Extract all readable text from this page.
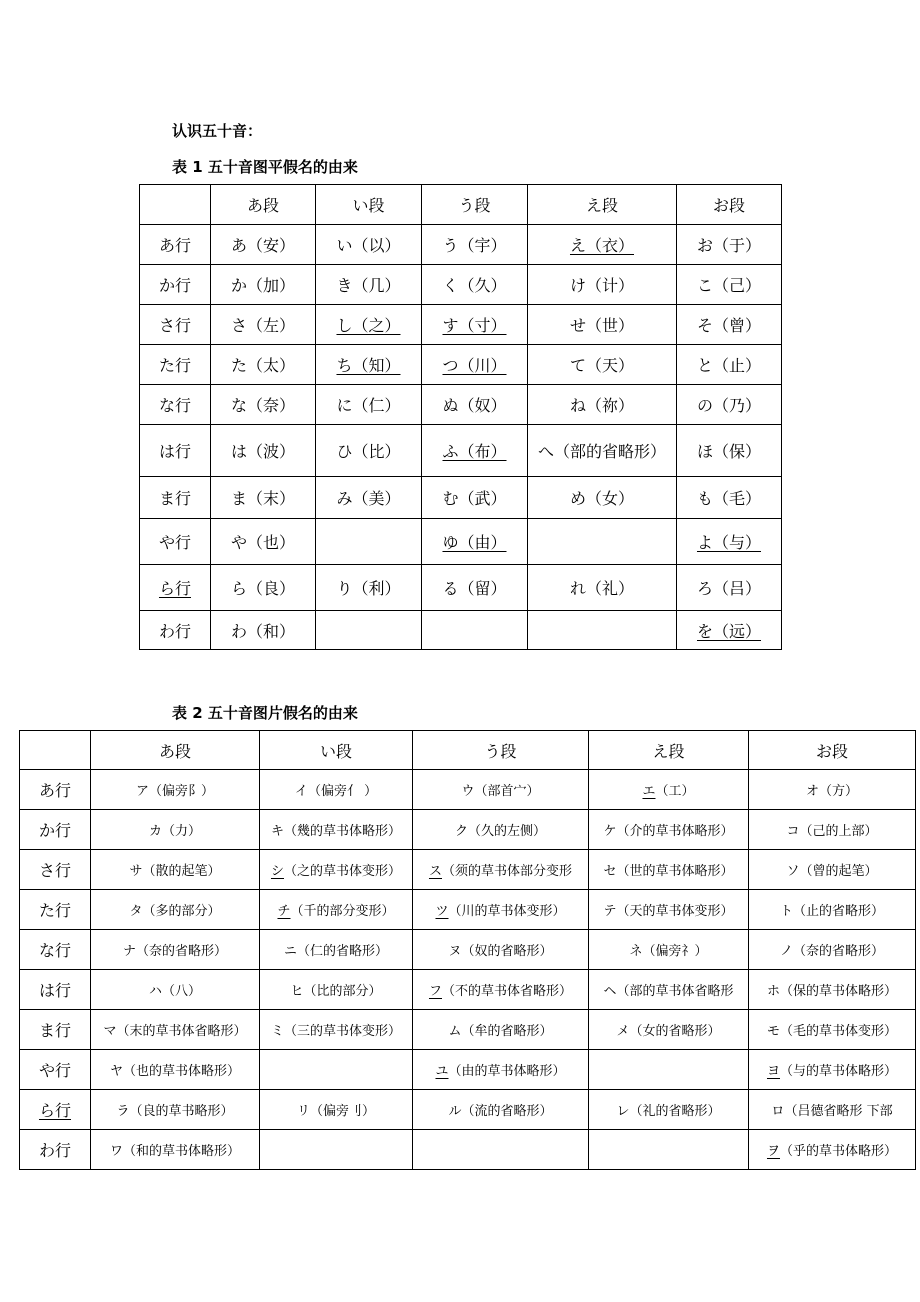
认识五十音：
表 1 五十音图平假名的由来
	あ段	い段	う段	え段	お段
あ行	あ（安）	い（以）	う（宇）	え（衣）	お（于）
か行	か（加）	き（几）	く（久）	け（计）	こ（己）
さ行	さ（左）	し（之）	す（寸）	せ（世）	そ（曾）
た行	た（太）	ち（知）	つ（川）	て（天）	と（止）
な行	な（奈）	に（仁）	ぬ（奴）	ね（祢）	の（乃）
は行	は（波）	ひ（比）	ふ（布）	へ（部的省略形）	ほ（保）
ま行	ま（末）	み（美）	む（武）	め（女）	も（毛）
や行	や（也）		ゆ（由）		よ（与）
ら行	ら（良）	り（利）	る（留）	れ（礼）	ろ（吕）
わ行	わ（和）				を（远）
表 2 五十音图片假名的由来
	あ段	い段	う段	え段	お段
あ行	ア（偏旁阝）	イ（偏旁亻 ）	ウ（部首宀）	エ（工）	オ（方）
か行	カ（力）	キ（幾的草书体略形）	ク（久的左侧）	ケ（介的草书体略形）	コ（己的上部）
さ行	サ（散的起笔）	シ（之的草书体变形）	ス（须的草书体部分变形	セ（世的草书体略形）	ソ（曾的起笔）
た行	タ（多的部分）	チ（千的部分变形）	ツ（川的草书体变形）	テ（天的草书体变形）	ト（止的省略形）
な行	ナ（奈的省略形）	ニ（仁的省略形）	ヌ（奴的省略形）	ネ（偏旁礻）	ノ（奈的省略形）
は行	ハ（八）	ヒ（比的部分）	フ（不的草书体省略形）	ヘ（部的草书体省略形	ホ（保的草书体略形）
ま行	マ（末的草书体省略形）	ミ（三的草书体变形）	ム（牟的省略形）	メ（女的省略形）	モ（毛的草书体变形）
や行	ヤ（也的草书体略形）		ユ（由的草书体略形）		ヨ（与的草书体略形）
ら行	ラ（良的草书略形）	リ（偏旁刂）	ル（流的省略形）	レ（礼的省略形）	ロ（吕德省略形 下部
わ行	ワ（和的草书体略形）				ヲ（乎的草书体略形）
